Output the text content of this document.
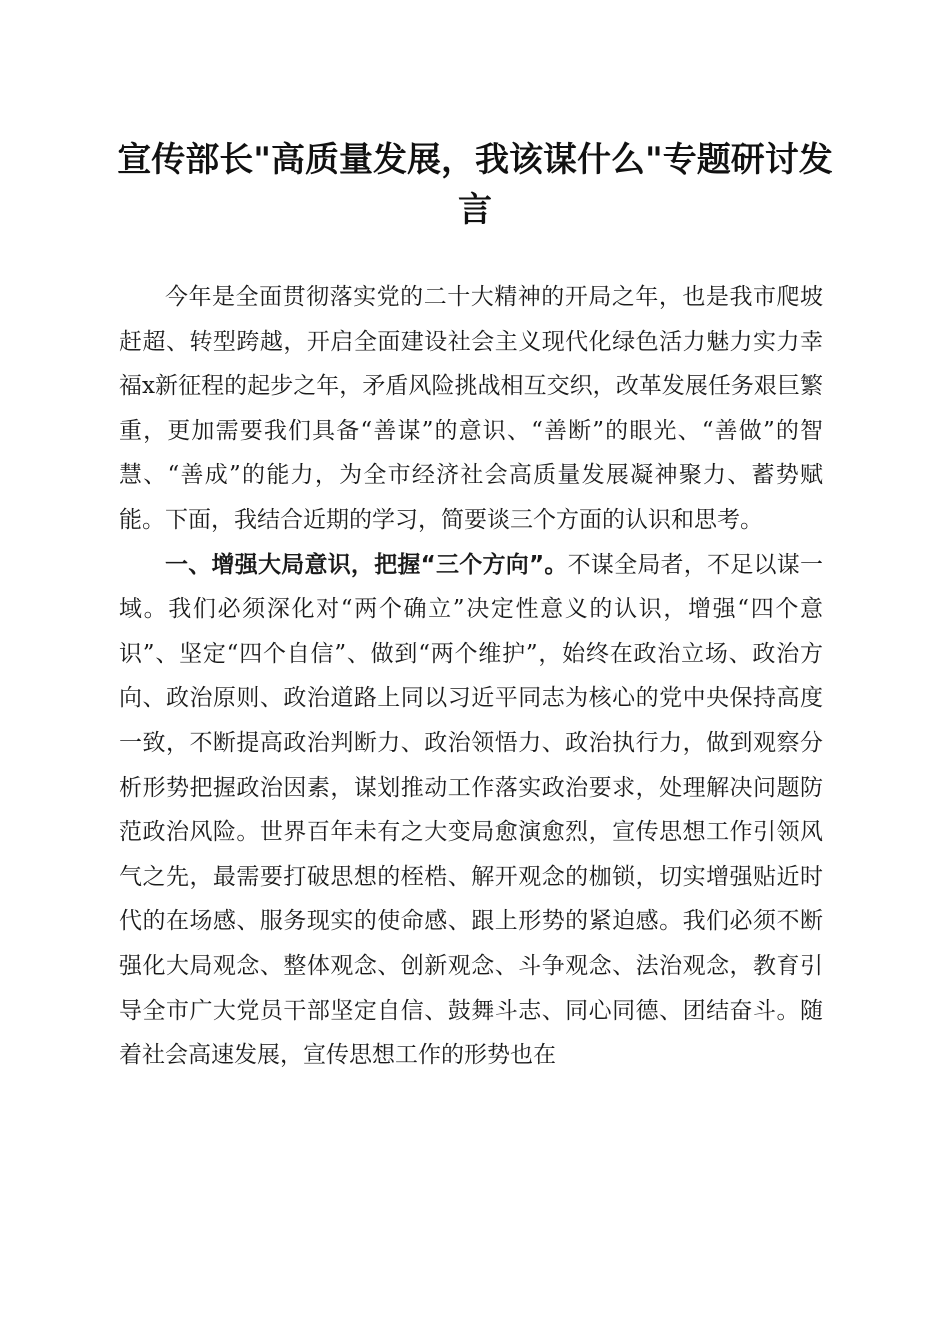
宣传部长"高质量发展，我该谋什么"专题研讨发言

今年是全面贯彻落实党的二十大精神的开局之年，也是我市爬坡赶超、转型跨越，开启全面建设社会主义现代化绿色活力魅力实力幸福x新征程的起步之年，矛盾风险挑战相互交织，改革发展任务艰巨繁重，更加需要我们具备“善谋”的意识、“善断”的眼光、“善做”的智慧、“善成”的能力，为全市经济社会高质量发展凝神聚力、蓄势赋能。下面，我结合近期的学习，简要谈三个方面的认识和思考。

一、增强大局意识，把握“三个方向”。不谋全局者，不足以谋一域。我们必须深化对“两个确立”决定性意义的认识，增强“四个意识”、坚定“四个自信”、做到“两个维护”，始终在政治立场、政治方向、政治原则、政治道路上同以习近平同志为核心的党中央保持高度一致，不断提高政治判断力、政治领悟力、政治执行力，做到观察分析形势把握政治因素，谋划推动工作落实政治要求，处理解决问题防范政治风险。世界百年未有之大变局愈演愈烈，宣传思想工作引领风气之先，最需要打破思想的桎梏、解开观念的枷锁，切实增强贴近时代的在场感、服务现实的使命感、跟上形势的紧迫感。我们必须不断强化大局观念、整体观念、创新观念、斗争观念、法治观念，教育引导全市广大党员干部坚定自信、鼓舞斗志、同心同德、团结奋斗。随着社会高速发展，宣传思想工作的形势也在
